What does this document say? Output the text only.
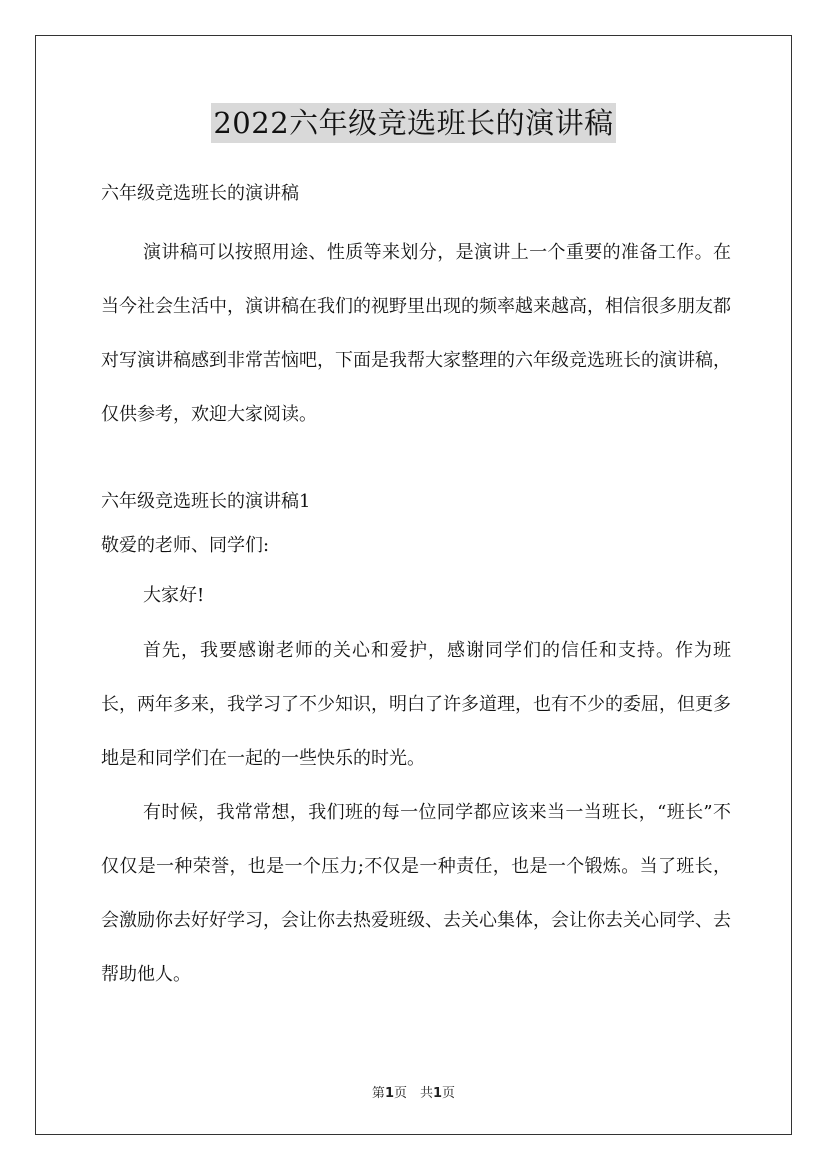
2022六年级竞选班长的演讲稿

六年级竞选班长的演讲稿

演讲稿可以按照用途、性质等来划分，是演讲上一个重要的准备工作。在当今社会生活中，演讲稿在我们的视野里出现的频率越来越高，相信很多朋友都对写演讲稿感到非常苦恼吧，下面是我帮大家整理的六年级竞选班长的演讲稿，仅供参考，欢迎大家阅读。

六年级竞选班长的演讲稿1

敬爱的老师、同学们:

大家好!

首先，我要感谢老师的关心和爱护，感谢同学们的信任和支持。作为班长，两年多来，我学习了不少知识，明白了许多道理，也有不少的委屈，但更多地是和同学们在一起的一些快乐的时光。

有时候，我常常想，我们班的每一位同学都应该来当一当班长，“班长”不仅仅是一种荣誉，也是一个压力;不仅是一种责任，也是一个锻炼。当了班长，会激励你去好好学习，会让你去热爱班级、去关心集体，会让你去关心同学、去帮助他人。

第1页　共1页
